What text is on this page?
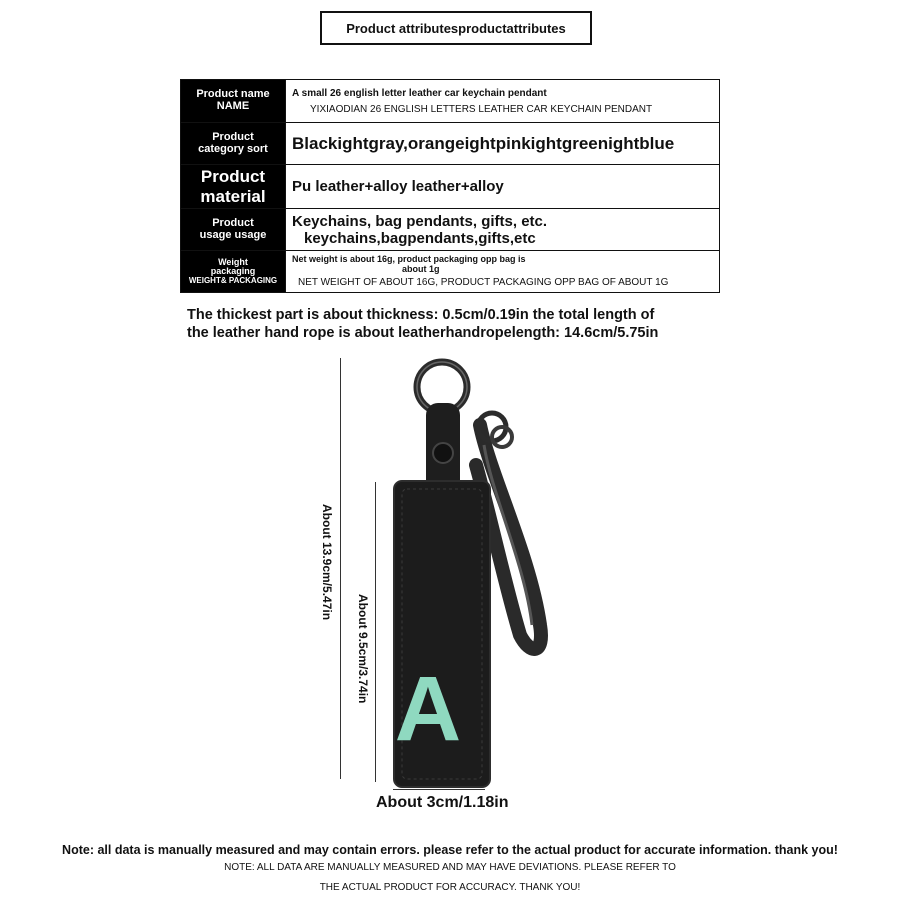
Product attributesproductattributes
Product name
NAME	A small 26 english letter leather car keychain pendant
YIXIAODIAN 26 ENGLISH LETTERS LEATHER CAR KEYCHAIN PENDANT

Product
category sort	Blackightgray,orangeightpinkightgreenightblue

Product
material	Pu leather+alloy leather+alloy

Product
usage usage	Keychains, bag pendants, gifts, etc.
keychains,bagpendants,gifts,etc

Weight
packaging
WEIGHT& PACKAGING	Net weight is about 16g, product packaging opp bag is
about 1g
NET WEIGHT OF ABOUT 16G, PRODUCT PACKAGING OPP BAG OF ABOUT 1G
The thickest part is about thickness: 0.5cm/0.19in the total length of
the leather hand rope is about leatherhandropelength: 14.6cm/5.75in
About 13.9cm/5.47in
About 9.5cm/3.74in
A
About 3cm/1.18in
Note: all data is manually measured and may contain errors. please refer to the actual product for accurate information. thank you!
NOTE: ALL DATA ARE MANUALLY MEASURED AND MAY HAVE DEVIATIONS. PLEASE REFER TO
THE ACTUAL PRODUCT FOR ACCURACY. THANK YOU!
